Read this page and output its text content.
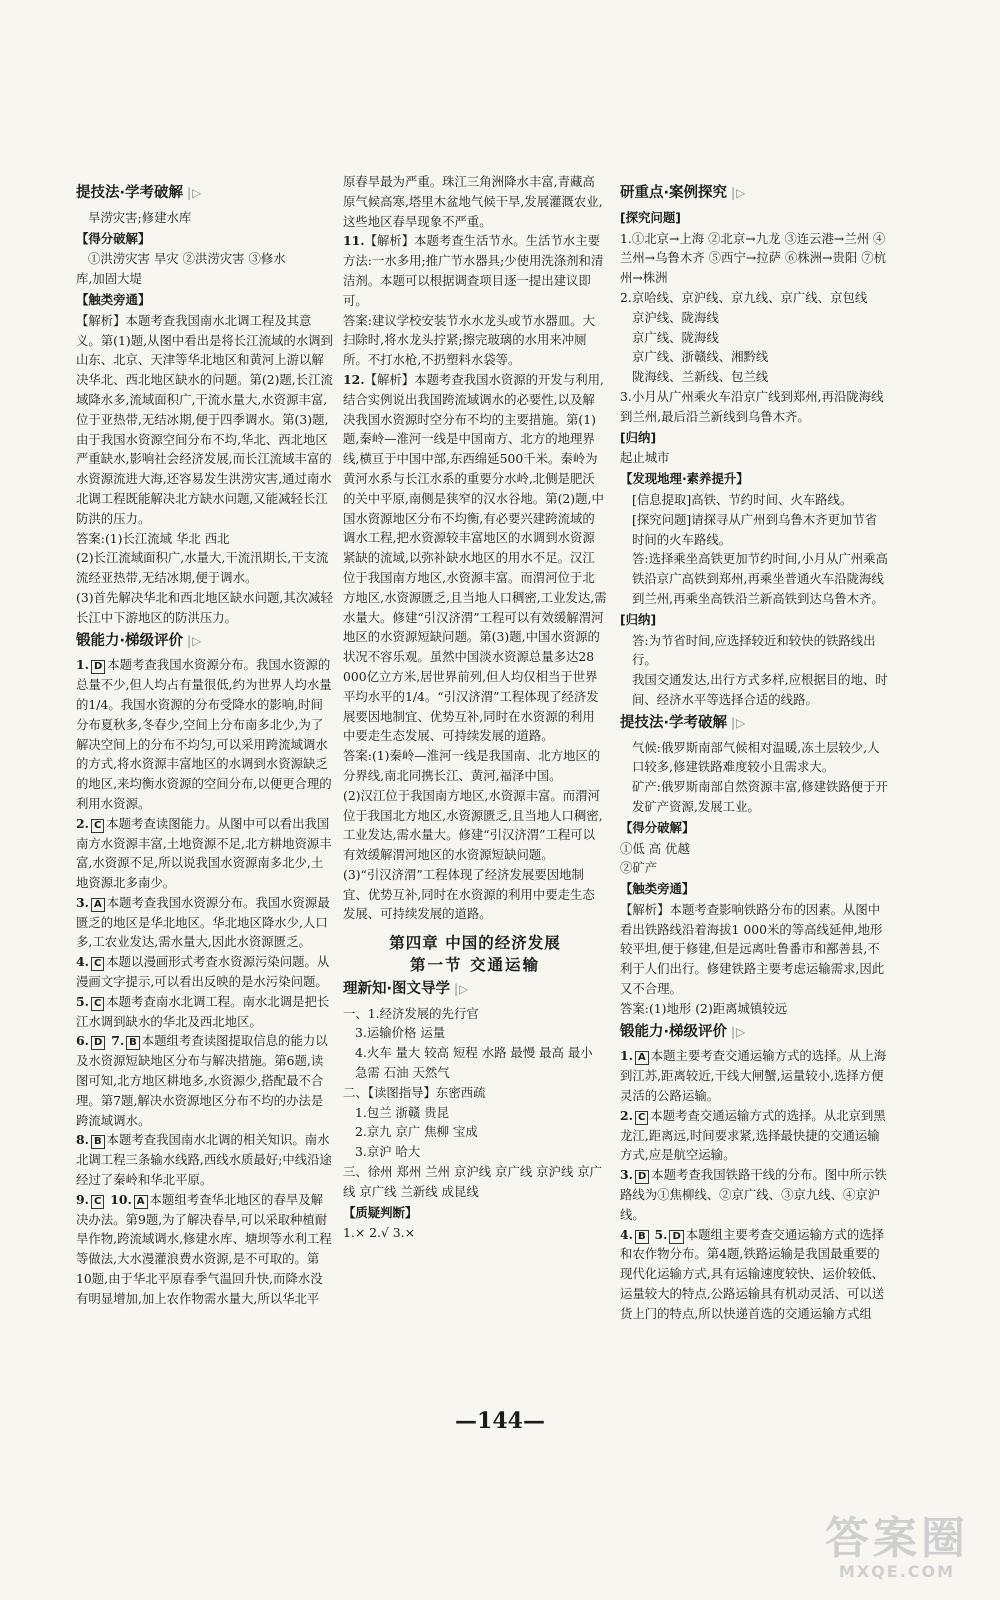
提技法·学考破解 |▷

旱涝灾害;修建水库

【得分破解】

①洪涝灾害 旱灾 ②洪涝灾害 ③修水

库,加固大堤

【触类旁通】

【解析】本题考查我国南水北调工程及其意义。第(1)题,从图中看出是将长江流域的水调到山东、北京、天津等华北地区和黄河上游以解决华北、西北地区缺水的问题。第(2)题,长江流域降水多,流域面积广,干流水量大,水资源丰富,位于亚热带,无结冰期,便于四季调水。第(3)题,由于我国水资源空间分布不均,华北、西北地区严重缺水,影响社会经济发展,而长江流域丰富的水资源流进大海,还容易发生洪涝灾害,通过南水北调工程既能解决北方缺水问题,又能减轻长江防洪的压力。

答案:(1)长江流域 华北 西北

(2)长江流域面积广,水量大,干流汛期长,干支流流经亚热带,无结冰期,便于调水。

(3)首先解决华北和西北地区缺水问题,其次减轻长江中下游地区的防洪压力。

锻能力·梯级评价 |▷

1. D 本题考查我国水资源分布。我国水资源的总量不少,但人均占有量很低,约为世界人均水量的1/4。我国水资源的分布受降水的影响,时间分布夏秋多,冬春少,空间上分布南多北少,为了解决空间上的分布不均匀,可以采用跨流域调水的方式,将水资源丰富地区的水调到水资源缺乏的地区,来均衡水资源的空间分布,以便更合理的利用水资源。

2. C 本题考查读图能力。从图中可以看出我国南方水资源丰富,土地资源不足,北方耕地资源丰富,水资源不足,所以说我国水资源南多北少,土地资源北多南少。

3. A 本题考查我国水资源分布。我国水资源最匮乏的地区是华北地区。华北地区降水少,人口多,工农业发达,需水量大,因此水资源匮乏。

4. C 本题以漫画形式考查水资源污染问题。从漫画文字提示,可以看出反映的是水污染问题。

5. C 本题考查南水北调工程。南水北调是把长江水调到缺水的华北及西北地区。

6. D 7. B 本题组考查读图提取信息的能力以及水资源短缺地区分布与解决措施。第6题,读图可知,北方地区耕地多,水资源少,搭配最不合理。第7题,解决水资源地区分布不均的办法是跨流域调水。

8. B 本题考查我国南水北调的相关知识。南水北调工程三条输水线路,西线水质最好;中线沿途经过了秦岭和华北平原。

9. C 10. A 本题组考查华北地区的春旱及解决办法。第9题,为了解决春旱,可以采取种植耐旱作物,跨流域调水,修建水库、塘坝等水利工程等做法,大水漫灌浪费水资源,是不可取的。第10题,由于华北平原春季气温回升快,而降水没有明显增加,加上农作物需水量大,所以华北平

原春旱最为严重。珠江三角洲降水丰富,青藏高原气候高寒,塔里木盆地气候干旱,发展灌溉农业,这些地区春旱现象不严重。

11.【解析】本题考查生活节水。生活节水主要方法:一水多用;推广节水器具;少使用洗涤剂和清洁剂。本题可以根据调查项目逐一提出建议即可。

答案:建议学校安装节水水龙头或节水器皿。大扫除时,将水龙头拧紧;擦完玻璃的水用来冲厕所。不打水枪,不扔塑料水袋等。

12.【解析】本题考查我国水资源的开发与利用,结合实例说出我国跨流域调水的必要性,以及解决我国水资源时空分布不均的主要措施。第(1)题,秦岭—淮河一线是中国南方、北方的地理界线,横亘于中国中部,东西绵延500千米。秦岭为黄河水系与长江水系的重要分水岭,北侧是肥沃的关中平原,南侧是狭窄的汉水谷地。第(2)题,中国水资源地区分布不均衡,有必要兴建跨流域的调水工程,把水资源较丰富地区的水调到水资源紧缺的流域,以弥补缺水地区的用水不足。汉江位于我国南方地区,水资源丰富。而渭河位于北方地区,水资源匮乏,且当地人口稠密,工业发达,需水量大。修建“引汉济渭”工程可以有效缓解渭河地区的水资源短缺问题。第(3)题,中国水资源的状况不容乐观。虽然中国淡水资源总量多达28 000亿立方米,居世界前列,但人均仅相当于世界平均水平的1/4。“引汉济渭”工程体现了经济发展要因地制宜、优势互补,同时在水资源的利用中要走生态发展、可持续发展的道路。

答案:(1)秦岭—淮河一线是我国南、北方地区的分界线,南北同携长江、黄河,福泽中国。

(2)汉江位于我国南方地区,水资源丰富。而渭河位于我国北方地区,水资源匮乏,且当地人口稠密,工业发达,需水量大。修建“引汉济渭”工程可以有效缓解渭河地区的水资源短缺问题。

(3)“引汉济渭”工程体现了经济发展要因地制宜、优势互补,同时在水资源的利用中要走生态发展、可持续发展的道路。

第四章 中国的经济发展
第一节 交通运输
理新知·图文导学 |▷

一、1.经济发展的先行官

3.运输价格 运量

4.火车 量大 较高 短程 水路 最慢 最高 最小 急需 石油 天然气

二、【读图指导】东密西疏

1.包兰 浙赣 贵昆

2.京九 京广 焦柳 宝成

3.京沪 哈大

三、徐州 郑州 兰州 京沪线 京广线 京沪线 京广线 京广线 兰新线 成昆线

【质疑判断】

1.× 2.√ 3.×

研重点·案例探究 |▷
[探究问题]

1.①北京→上海 ②北京→九龙 ③连云港→兰州 ④兰州→乌鲁木齐 ⑤西宁→拉萨 ⑥株洲→贵阳 ⑦杭州→株洲

2.京哈线、京沪线、京九线、京广线、京包线

京沪线、陇海线

京广线、陇海线

京广线、浙赣线、湘黔线

陇海线、兰新线、包兰线

3.小月从广州乘火车沿京广线到郑州,再沿陇海线到兰州,最后沿兰新线到乌鲁木齐。

[归纳]

起止城市

【发现地理·素养提升】

[信息提取]高铁、节约时间、火车路线。

[探究问题]请探寻从广州到乌鲁木齐更加节省时间的火车路线。

答:选择乘坐高铁更加节约时间,小月从广州乘高铁沿京广高铁到郑州,再乘坐普通火车沿陇海线到兰州,再乘坐高铁沿兰新高铁到达乌鲁木齐。

[归纳]

答:为节省时间,应选择较近和较快的铁路线出行。

我国交通发达,出行方式多样,应根据目的地、时间、经济水平等选择合适的线路。

提技法·学考破解 |▷

气候:俄罗斯南部气候相对温暖,冻土层较少,人口较多,修建铁路难度较小且需求大。

矿产:俄罗斯南部自然资源丰富,修建铁路便于开发矿产资源,发展工业。

【得分破解】

①低 高 优越

②矿产

【触类旁通】

【解析】本题考查影响铁路分布的因素。从图中看出铁路线沿着海拔1 000米的等高线延伸,地形较平坦,便于修建,但是远离吐鲁番市和鄯善县,不利于人们出行。修建铁路主要考虑运输需求,因此又不合理。

答案:(1)地形 (2)距离城镇较远

锻能力·梯级评价 |▷

1. A 本题主要考查交通运输方式的选择。从上海到江苏,距离较近,干线大闸蟹,运量较小,选择方便灵活的公路运输。

2. C 本题考查交通运输方式的选择。从北京到黑龙江,距离远,时间要求紧,选择最快捷的交通运输方式,应是航空运输。

3. D 本题考查我国铁路干线的分布。图中所示铁路线为①焦柳线、②京广线、③京九线、④京沪线。

4. B 5. D 本题组主要考查交通运输方式的选择和农作物分布。第4题,铁路运输是我国最重要的现代化运输方式,具有运输速度较快、运价较低、运量较大的特点,公路运输具有机动灵活、可以送货上门的特点,所以快递首选的交通运输方式组

—144—
答案圈
MXQE.COM
